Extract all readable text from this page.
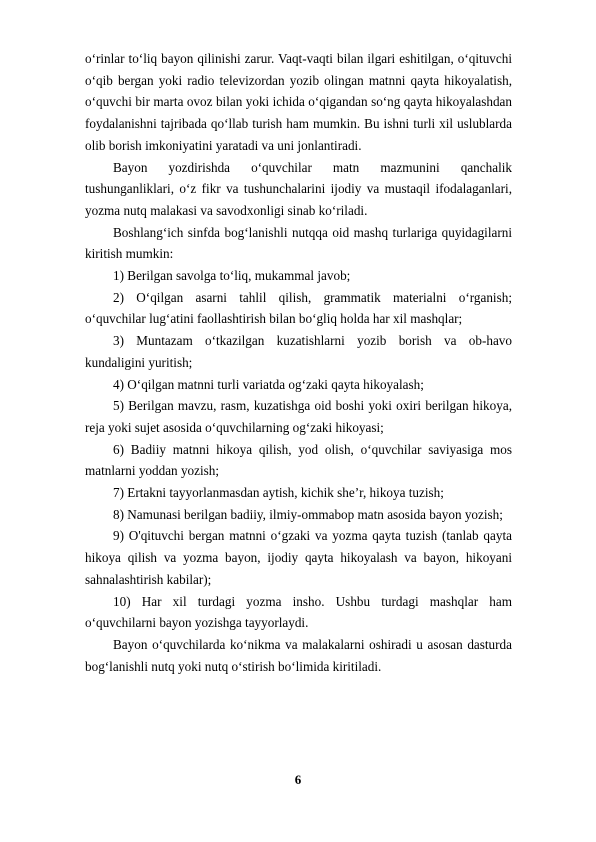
o‘rinlar to‘liq bayon qilinishi zarur. Vaqt-vaqti bilan ilgari eshitilgan, o‘qituvchi o‘qib bergan yoki radio televizordan yozib olingan matnni qayta hikoyalatish, o‘quvchi bir marta ovoz bilan yoki ichida o‘qigandan so‘ng qayta hikoyalashdan foydalanishni tajribada qo‘llab turish ham mumkin. Bu ishni turli xil uslublarda olib borish imkoniyatini yaratadi va uni jonlantiradi.

Bayon yozdirishda o‘quvchilar matn mazmunini qanchalik tushunganliklari, o‘z fikr va tushunchalarini ijodiy va mustaqil ifodalaganlari, yozma nutq malakasi va savodxonligi sinab ko‘riladi.

Boshlang‘ich sinfda bog‘lanishli nutqqa oid mashq turlariga quyidagilarni kiritish mumkin:

1) Berilgan savolga to‘liq, mukammal javob;

2) O‘qilgan asarni tahlil qilish, grammatik materialni o‘rganish; o‘quvchilar lug‘atini faollashtirish bilan bo‘gliq holda har xil mashqlar;

3) Muntazam o‘tkazilgan kuzatishlarni yozib borish va ob-havo kundaligini yuritish;

4) O‘qilgan matnni turli variatda og‘zaki qayta hikoyalash;

5) Berilgan mavzu, rasm, kuzatishga oid boshi yoki oxiri berilgan hikoya, reja yoki sujet asosida o‘quvchilarning og‘zaki hikoyasi;

6) Badiiy matnni hikoya qilish, yod olish, o‘quvchilar saviyasiga mos matnlarni yoddan yozish;

7) Ertakni tayyorlanmasdan aytish, kichik she’r, hikoya tuzish;

8) Namunasi berilgan badiiy, ilmiy-ommabop matn asosida bayon yozish;

9) O'qituvchi bergan matnni o‘gzaki va yozma qayta tuzish (tanlab qayta hikoya qilish va yozma bayon, ijodiy qayta hikoyalash va bayon, hikoyani sahnalashtirish kabilar);

10) Har xil turdagi yozma insho. Ushbu turdagi mashqlar ham o‘quvchilarni bayon yozishga tayyorlaydi.

Bayon o‘quvchilarda ko‘nikma va malakalarni oshiradi u asosan dasturda bog‘lanishli nutq yoki nutq o‘stirish bo‘limida kiritiladi.

6
